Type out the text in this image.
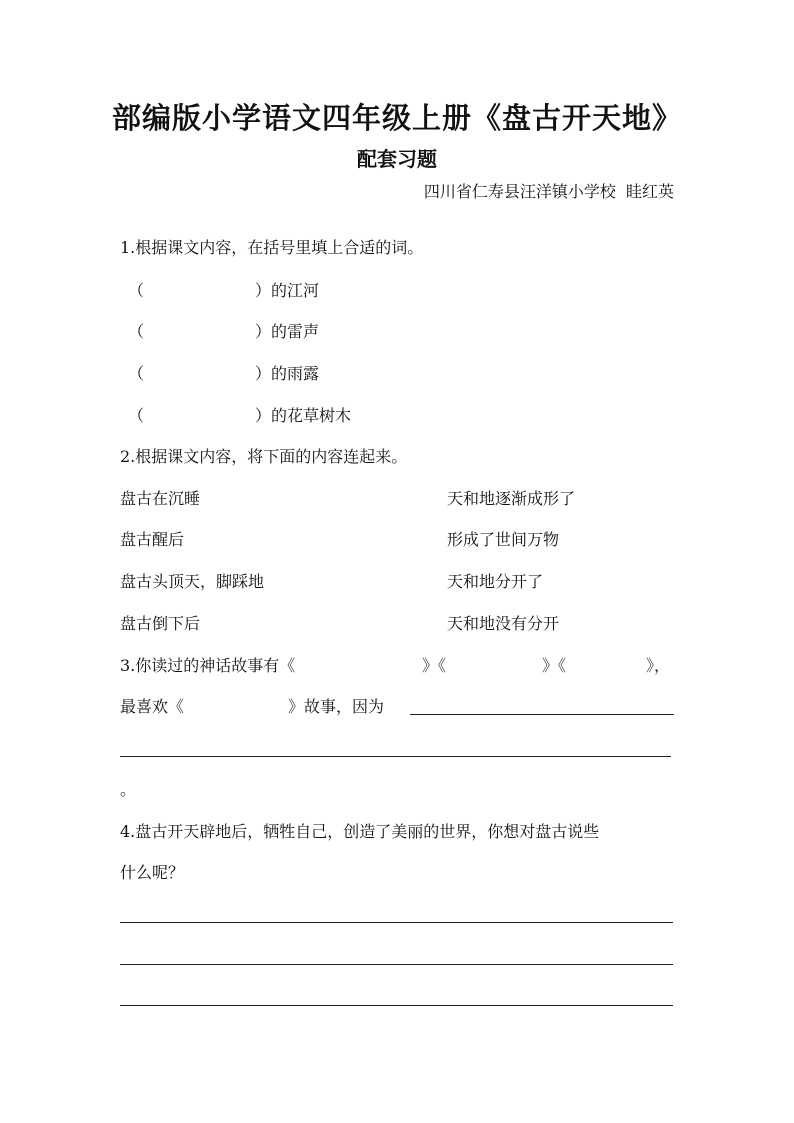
部编版小学语文四年级上册《盘古开天地》
配套习题
四川省仁寿县汪洋镇小学校  眭红英
1.根据课文内容，在括号里填上合适的词。
（	）的江河
（	）的雷声
（	）的雨露
（	）的花草树木
2.根据课文内容，将下面的内容连起来。
盘古在沉睡	天和地逐渐成形了
盘古醒后	形成了世间万物
盘古头顶天，脚踩地	天和地分开了
盘古倒下后	天和地没有分开
3.你读过的神话故事有《	》《	》《	》，
最喜欢《	》故事，因为
。
4.盘古开天辟地后，牺牲自己，创造了美丽的世界，你想对盘古说些
什么呢？
